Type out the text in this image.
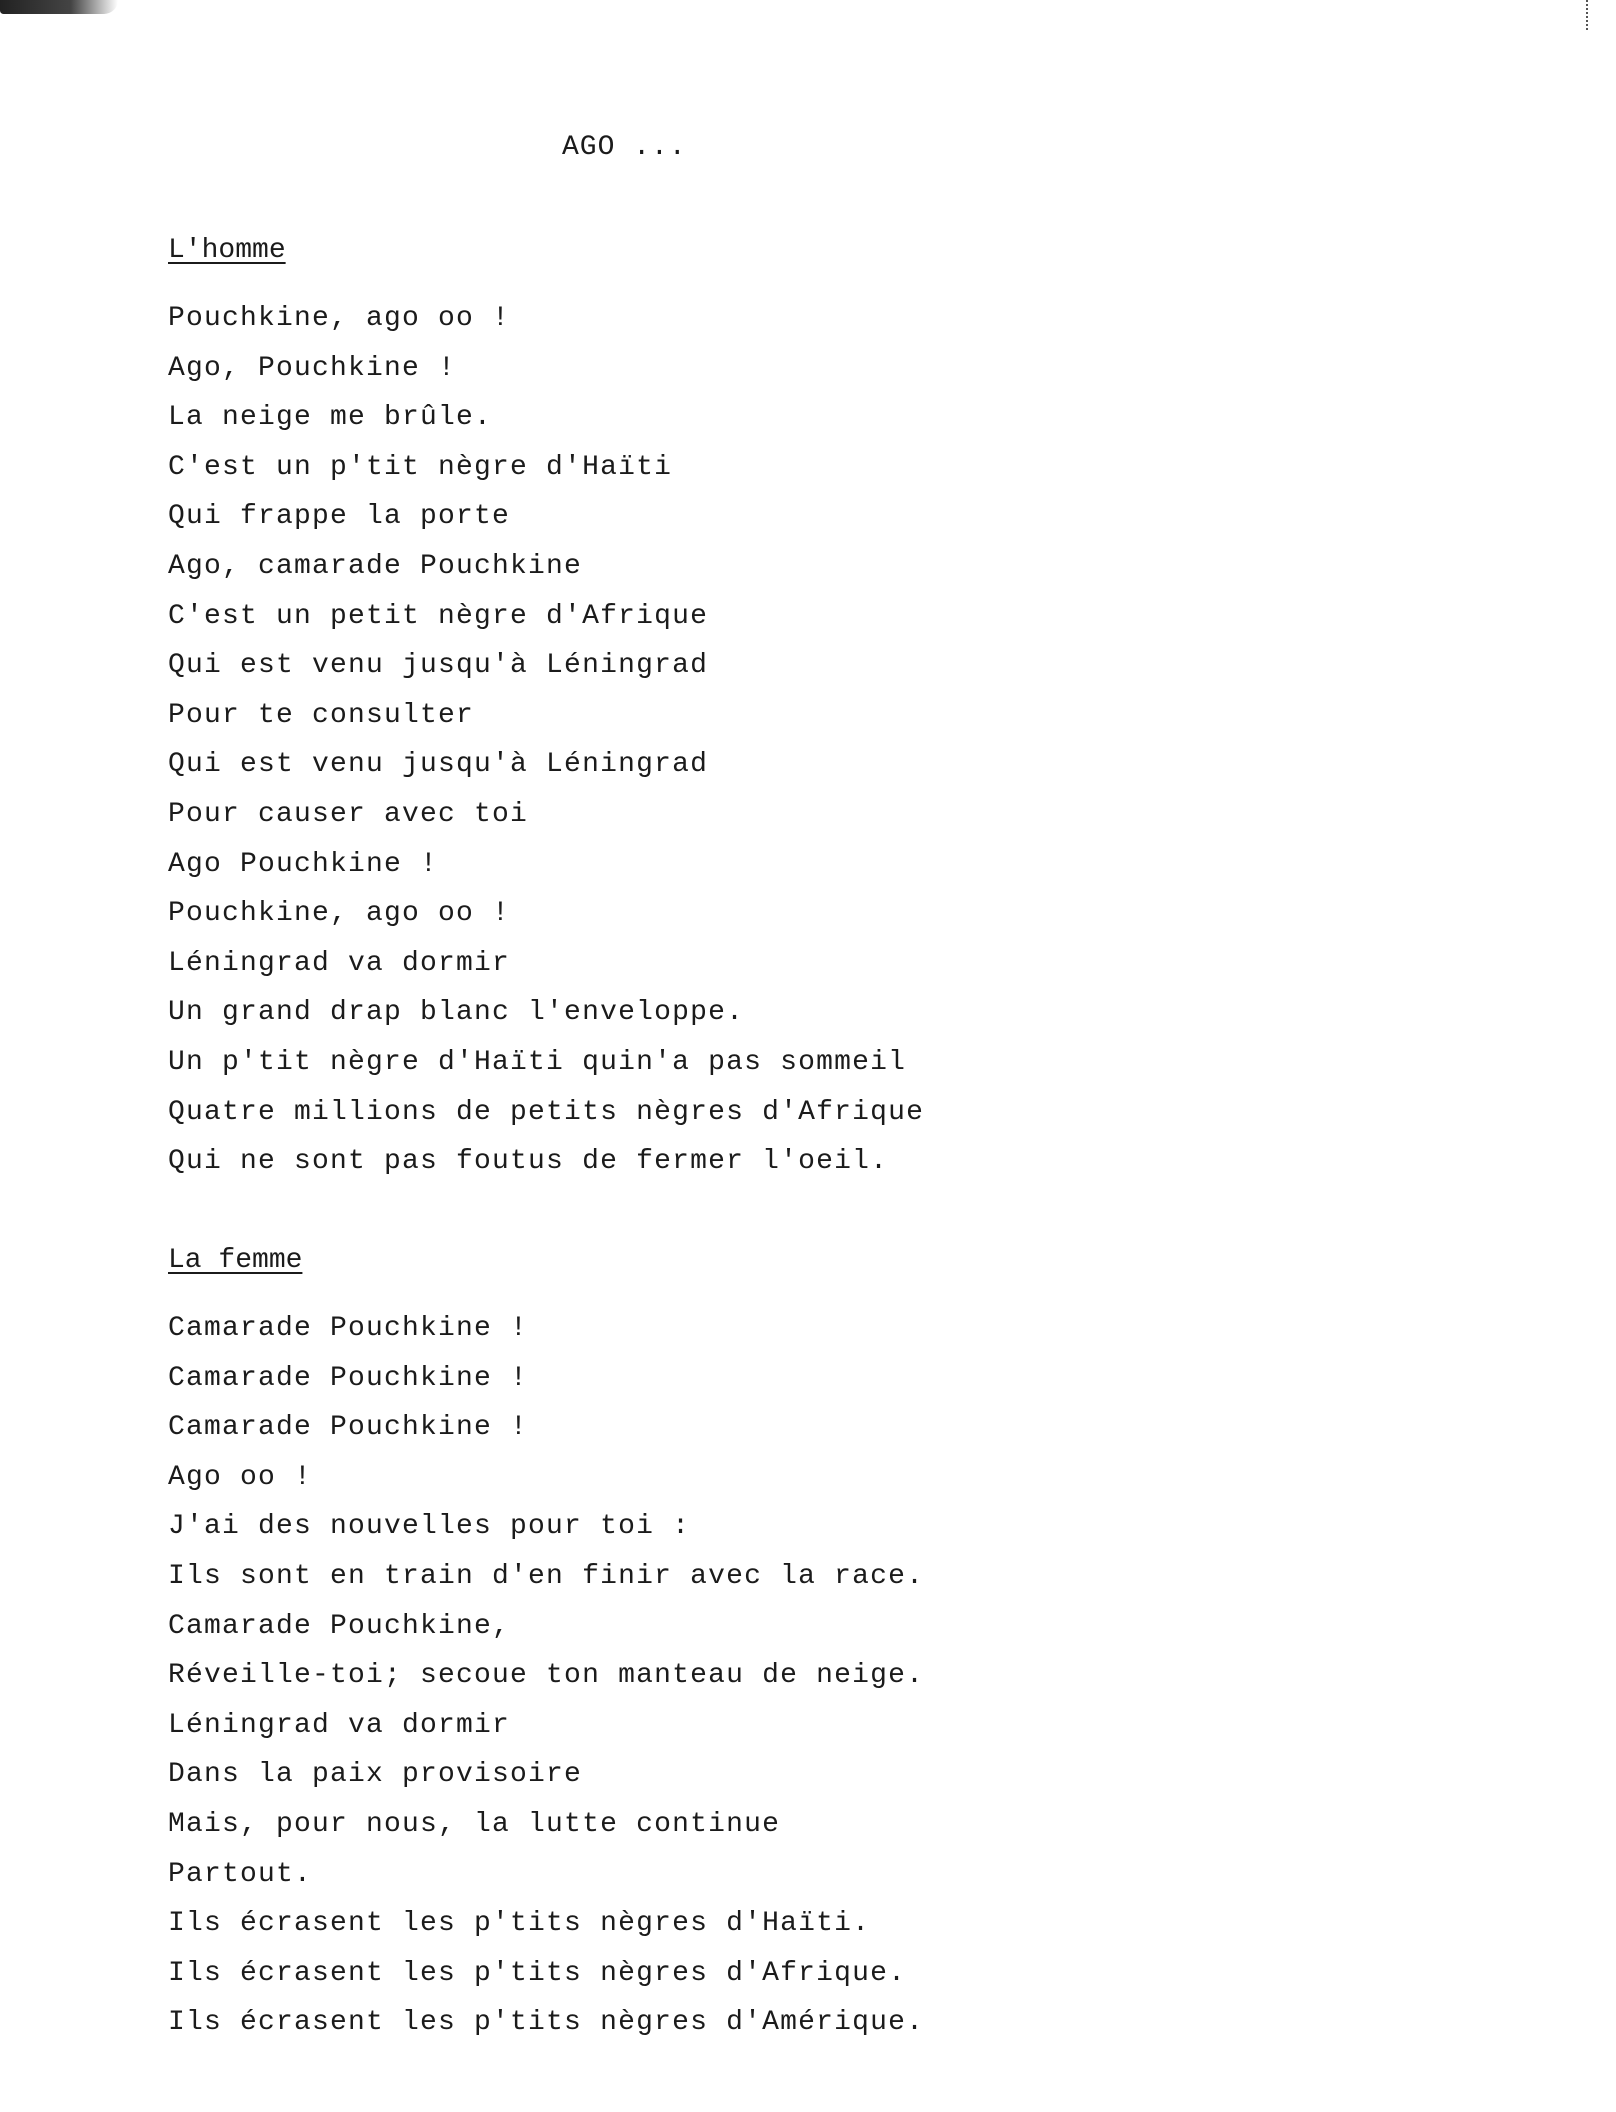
AGO ...
L'homme
Pouchkine, ago oo !
Ago, Pouchkine !
La neige me brûle.
C'est un p'tit nègre d'Haïti
Qui frappe la porte
Ago, camarade Pouchkine
C'est un petit nègre d'Afrique
Qui est venu jusqu'à Léningrad
Pour te consulter
Qui est venu jusqu'à Léningrad
Pour causer avec toi
Ago Pouchkine !
Pouchkine, ago oo !
Léningrad va dormir
Un grand drap blanc l'enveloppe.
Un p'tit nègre d'Haïti quin'a pas sommeil
Quatre millions de petits nègres d'Afrique
Qui ne sont pas foutus de fermer l'oeil.
La femme
Camarade Pouchkine !
Camarade Pouchkine !
Camarade Pouchkine !
Ago oo !
J'ai des nouvelles pour toi :
Ils sont en train d'en finir avec la race.
Camarade Pouchkine,
Réveille-toi; secoue ton manteau de neige.
Léningrad va dormir
Dans la paix provisoire
Mais, pour nous, la lutte continue
Partout.
Ils écrasent les p'tits nègres d'Haïti.
Ils écrasent les p'tits nègres d'Afrique.
Ils écrasent les p'tits nègres d'Amérique.
